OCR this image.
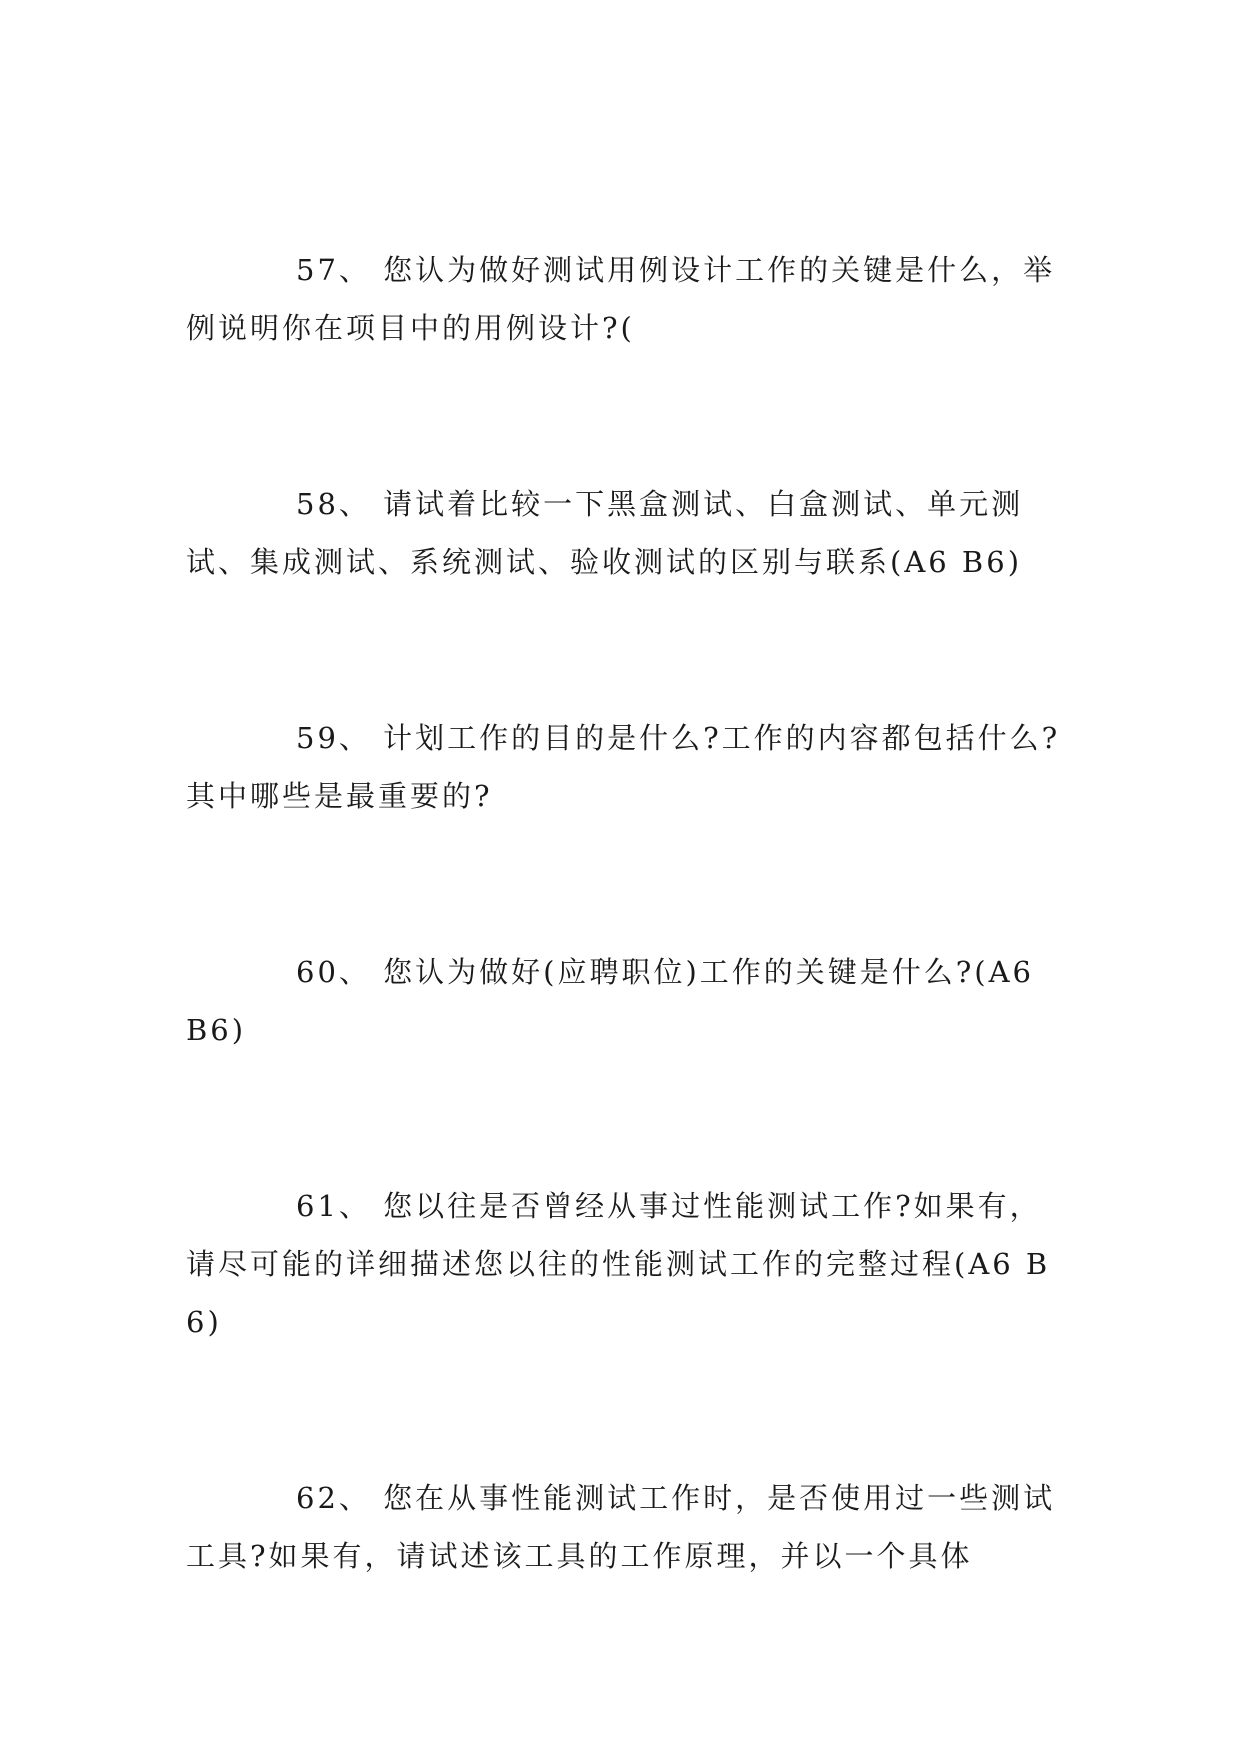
57、 您认为做好测试用例设计工作的关键是什么，举例说明你在项目中的用例设计?(

58、 请试着比较一下黑盒测试、白盒测试、单元测试、集成测试、系统测试、验收测试的区别与联系(A6 B6)

59、 计划工作的目的是什么?工作的内容都包括什么?其中哪些是最重要的?

60、 您认为做好(应聘职位)工作的关键是什么?(A6 B6)

61、 您以往是否曾经从事过性能测试工作?如果有，请尽可能的详细描述您以往的性能测试工作的完整过程(A6 B6)

62、 您在从事性能测试工作时，是否使用过一些测试工具?如果有，请试述该工具的工作原理，并以一个具体
